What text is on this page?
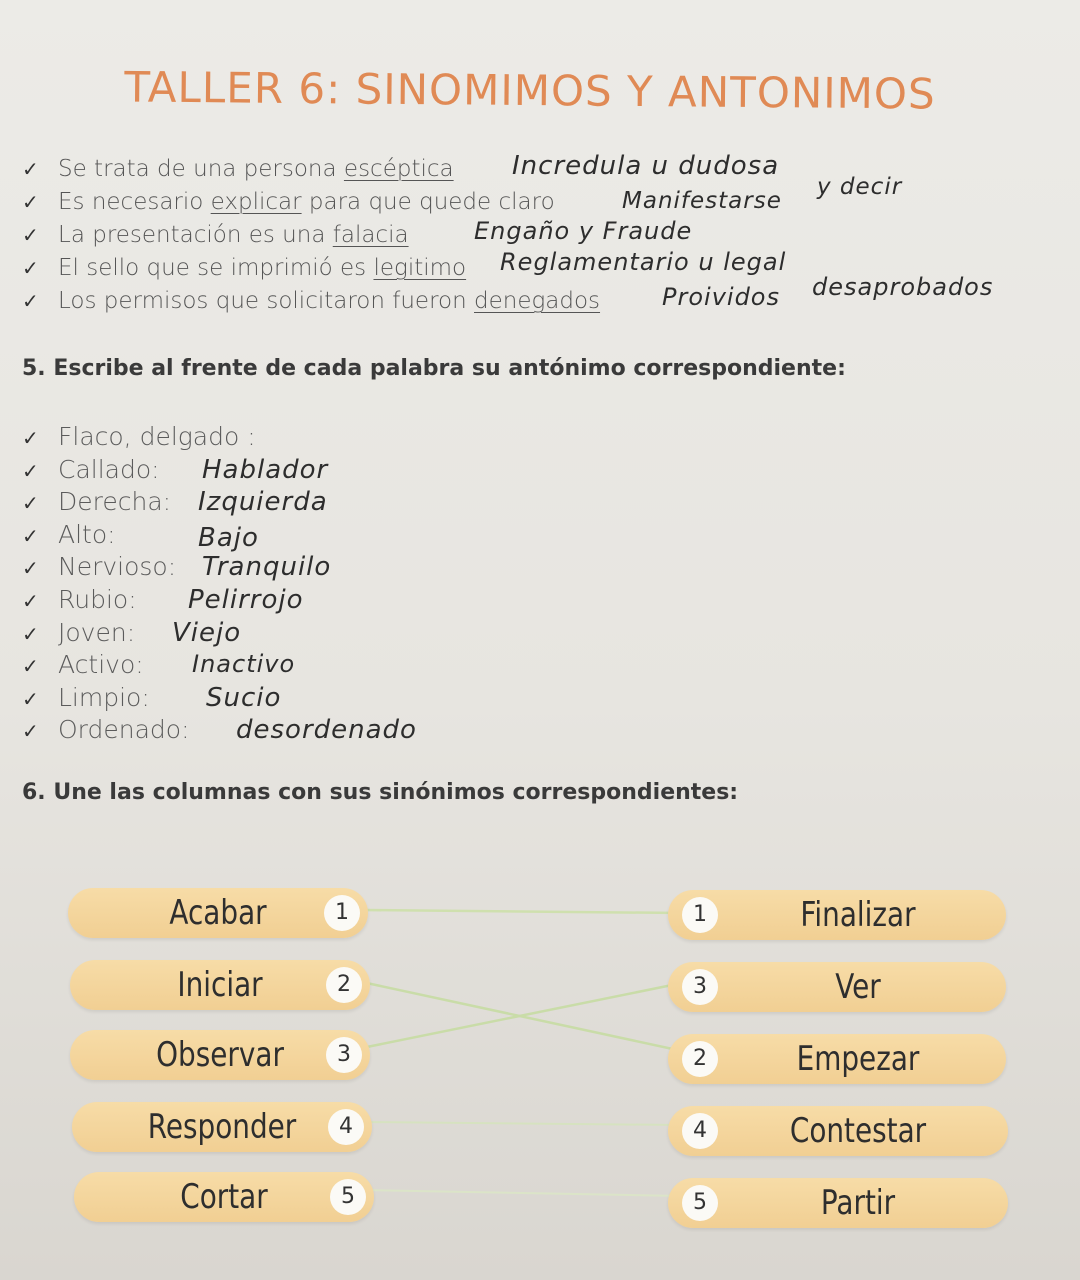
TALLER 6: SINOMIMOS Y ANTONIMOS
✓ Se trata de una persona escéptica Incredula u dudosa
✓ Es necesario explicar para que quede claro	Manifestarse
y decir
✓ La presentación es una falacia	Engaño y Fraude
✓ El sello que se imprimió es legitimo Reglamentario u legal
✓ Los permisos que solicitaron fueron denegados	Proividos desaprobados
5. Escribe al frente de cada palabra su antónimo correspondiente:
✓ Flaco, delgado :
✓ Callado: Hablador
✓ Derecha: Izquierda
✓ Alto:	Bajo
✓ Nervioso: Tranquilo
✓ Rubio: Pelirrojo
✓ Joven: Viejo
✓ Activo: Inactivo
✓ Limpio: Sucio
✓ Ordenado: desordenado
6. Une las columnas con sus sinónimos correspondientes:
Acabar	1
Iniciar	2
Observar	3
Responder	4
Cortar	5
1	Finalizar
3	Ver
2	Empezar
4	Contestar
5	Partir
